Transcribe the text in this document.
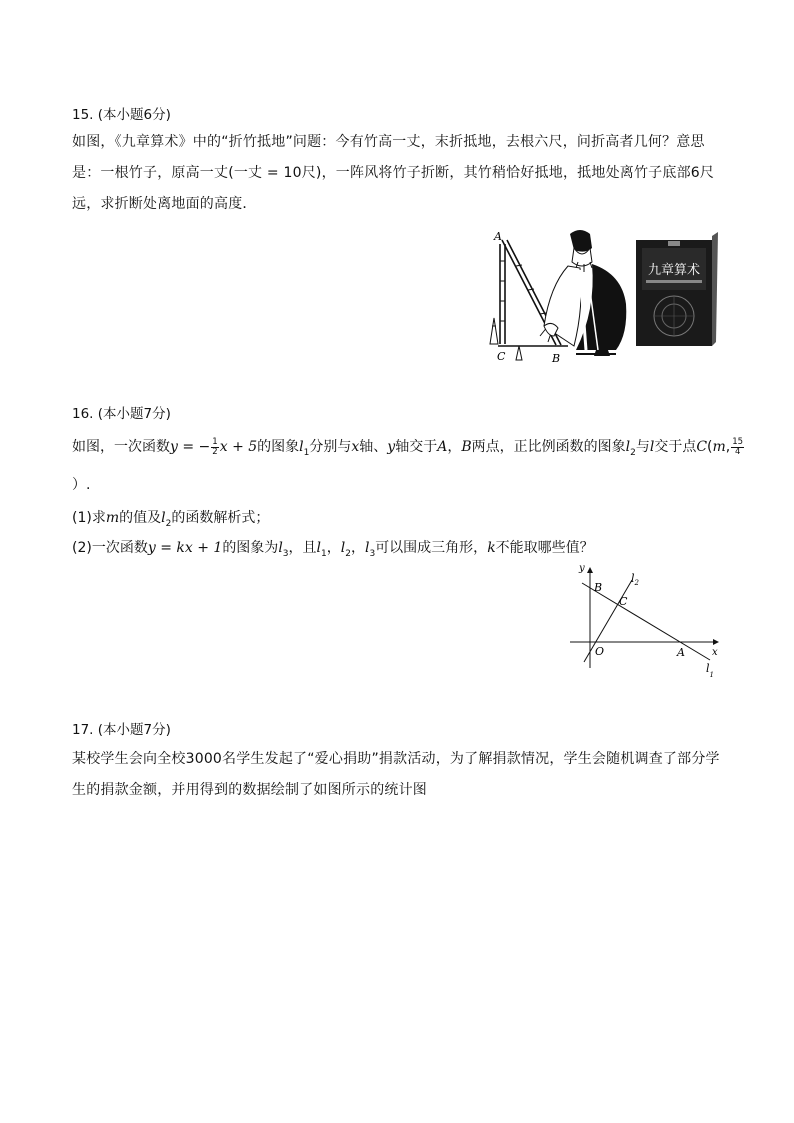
15. (本小题6分)
如图，《九章算术》中的“折竹抵地”问题：今有竹高一丈，末折抵地，去根六尺，问折高者几何？意思是：一根竹子，原高一丈(一丈 = 10尺)，一阵风将竹子折断，其竹稍恰好抵地，抵地处离竹子底部6尺远，求折断处离地面的高度．
A
C	B
九章算术
16. (本小题7分)
如图，一次函数y = − $\frac{1}{2}$ x + 5的图象$l_1$分别与x轴、y轴交于A，B两点，正比例函数的图象$l_2$与l交于点C(m, $\frac{15}{4}$
）.
(1)求m的值及$l_2$的函数解析式；
(2)一次函数y = kx + 1的图象为$l_3$，且$l_1$，$l_2$，$l_3$可以围成三角形，k不能取哪些值？
y
x
B
C
O	A
$l_2$
$l_1$
17. (本小题7分)
某校学生会向全校3000名学生发起了“爱心捐助”捐款活动，为了解捐款情况，学生会随机调查了部分学生的捐款金额，并用得到的数据绘制了如图所示的统计图
